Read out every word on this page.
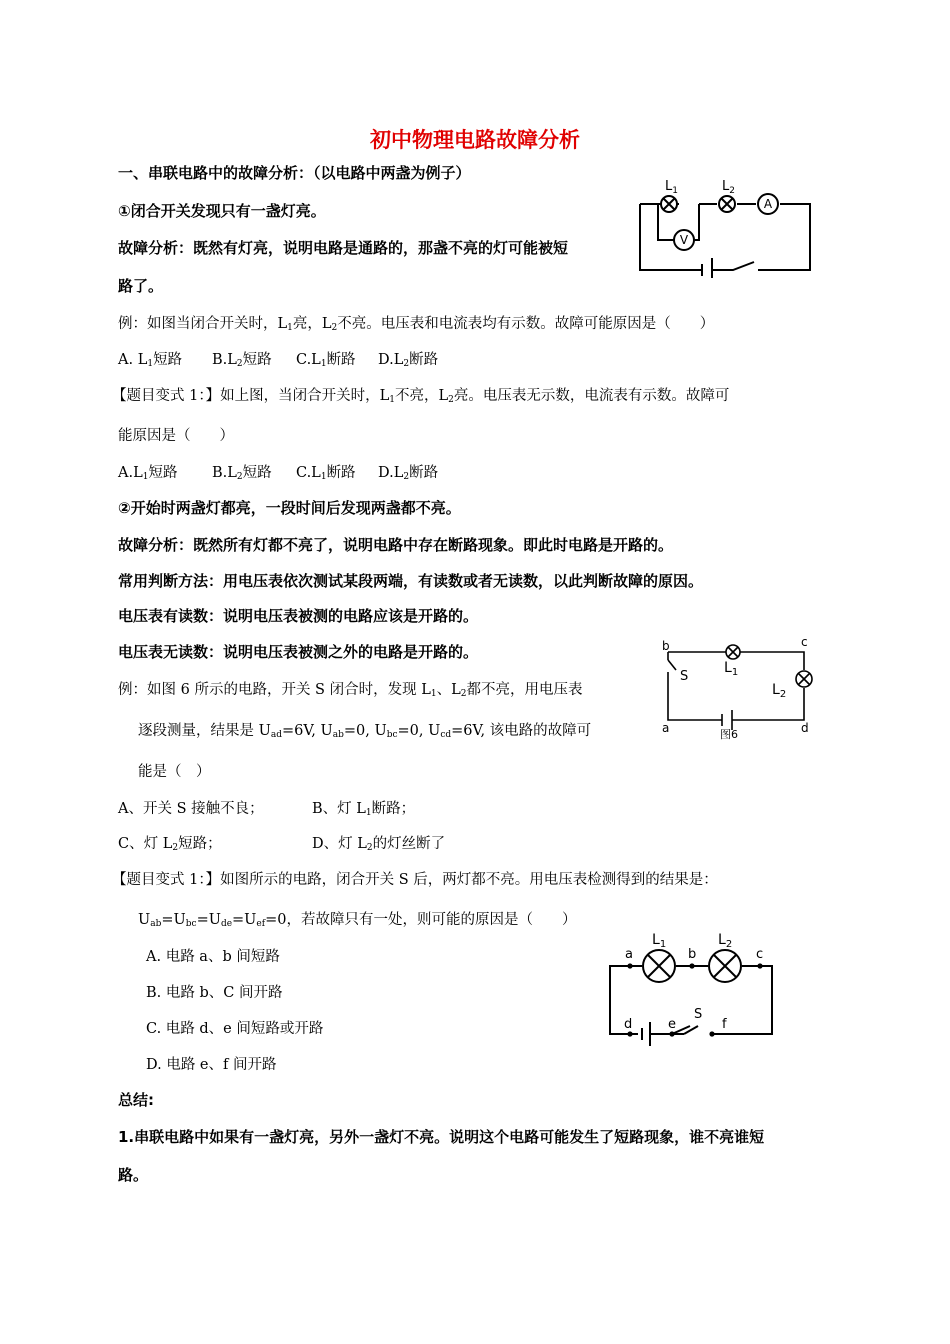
初中物理电路故障分析
一、串联电路中的故障分析：（以电路中两盏为例子）
①闭合开关发现只有一盏灯亮。
故障分析：既然有灯亮，说明电路是通路的，那盏不亮的灯可能被短
路了。
A
V
$L_1$	$L_2$
例：如图当闭合开关时，$L_1$亮，$L_2$不亮。电压表和电流表均有示数。故障可能原因是（　　）
A. $L_1$短路 $B.L_2$短路 $C.L_1$断路 $D.L_2$断路
【题目变式 1：】如上图，当闭合开关时，$L_1$不亮，$L_2$亮。电压表无示数，电流表有示数。故障可
能原因是（　　）
$A.L_1$短路 $B.L_2$短路 $C.L_1$断路 $D.L_2$断路
②开始时两盏灯都亮，一段时间后发现两盏都不亮。
故障分析：既然所有灯都不亮了，说明电路中存在断路现象。即此时电路是开路的。
常用判断方法：用电压表依次测试某段两端，有读数或者无读数，以此判断故障的原因。
电压表有读数：说明电压表被测的电路应该是开路的。
电压表无读数：说明电压表被测之外的电路是开路的。	b	c
a	d
S
$L_1$
$L_2$
图6
例：如图 6 所示的电路，开关 S 闭合时，发现 $L_1$、$L_2$都不亮，用电压表
逐段测量，结果是 $U_{ad}=6V$, $U_{ab}=0$, $U_{bc}=0$, $U_{cd}=6V$, 该电路的故障可
能是（　）
A、开关 S 接触不良；	B、灯 $L_1$断路；
C、灯 $L_2$短路；	D、灯 $L_2$的灯丝断了
【题目变式 1：】如图所示的电路，闭合开关 S 后，两灯都不亮。用电压表检测得到的结果是：
$U_{ab}=U_{bc}=U_{de}=U_{ef}=0$，若故障只有一处，则可能的原因是（　　）
A. 电路 a、b 间短路
B. 电路 b、C 间开路
C. 电路 d、e 间短路或开路
D. 电路 e、f 间开路
a	b	c
d	e	f
S
$L_1$	$L_2$
总结:
1.串联电路中如果有一盏灯亮，另外一盏灯不亮。说明这个电路可能发生了短路现象，谁不亮谁短
路。
